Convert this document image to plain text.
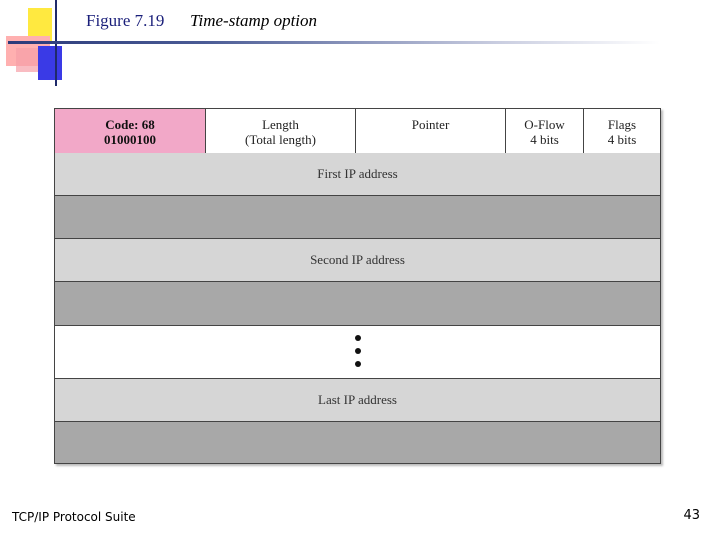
Figure 7.19 Time-stamp option
Code: 68
01000100
Length
(Total length)
Pointer	O-Flow
4 bits
Flags
4 bits
First IP address
Second IP address
Last IP address
TCP/IP Protocol Suite	43
